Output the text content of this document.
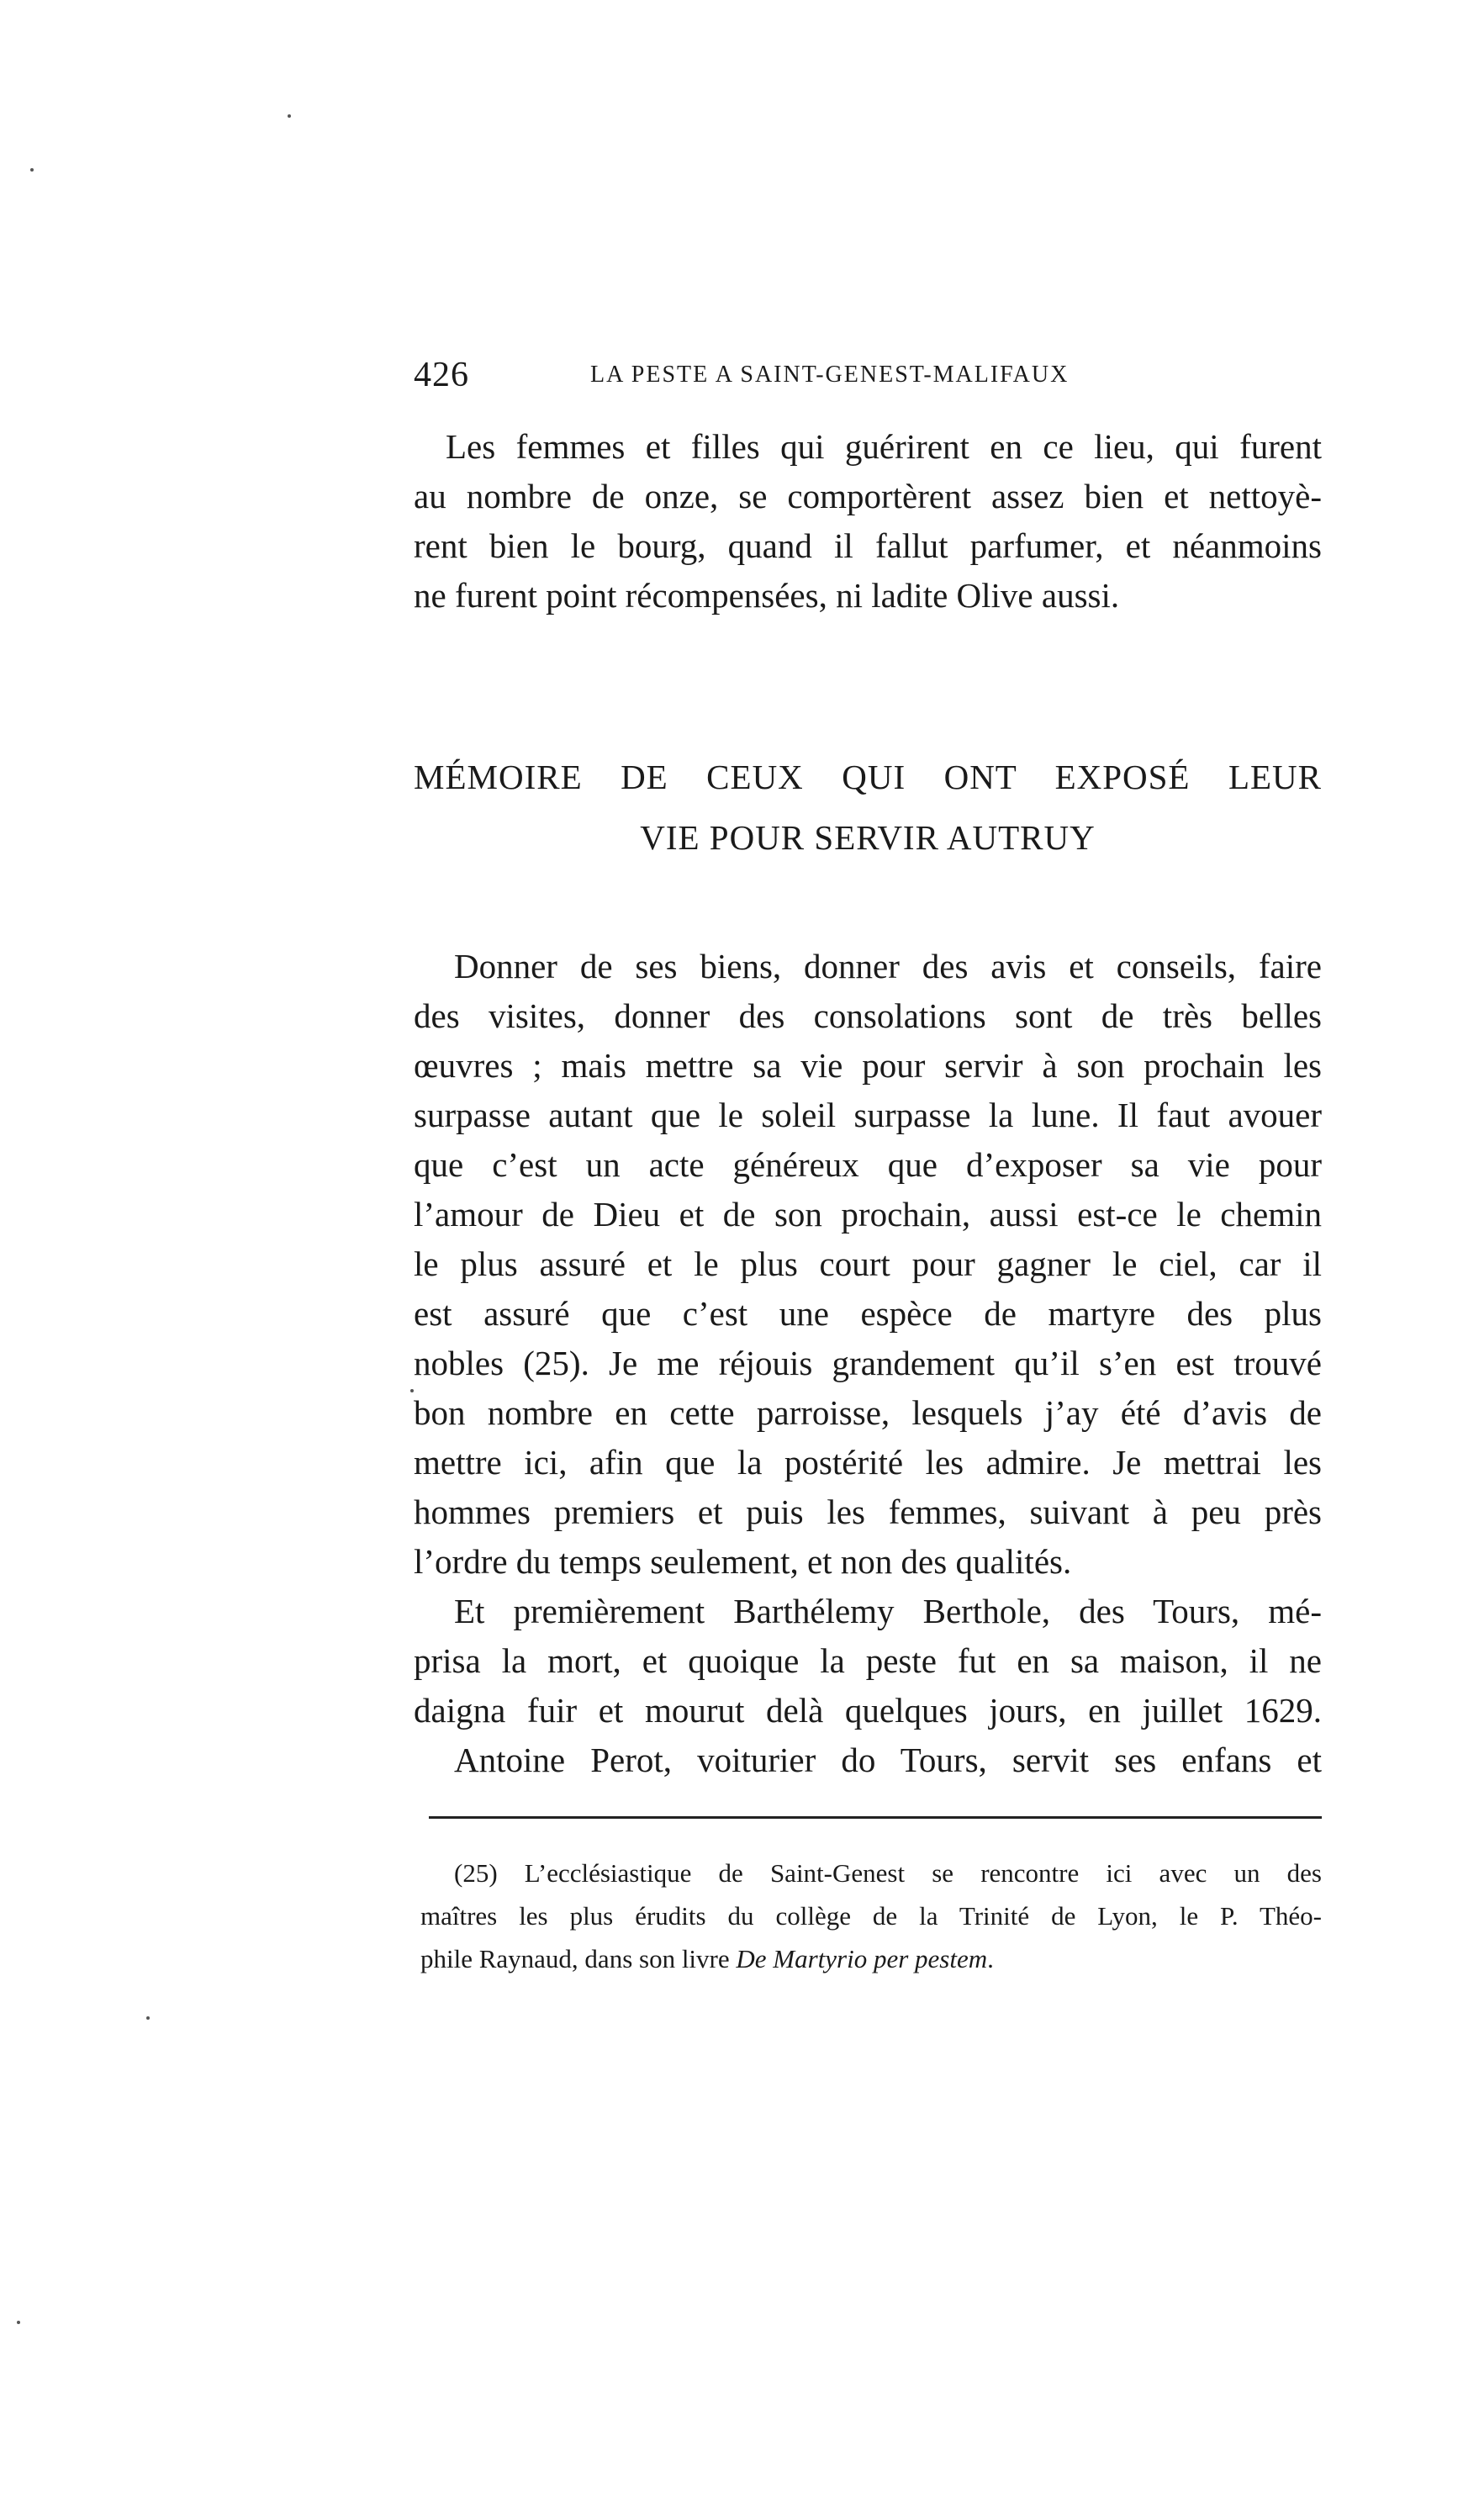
426	LA PESTE A SAINT-GENEST-MALIFAUX
Les femmes et filles qui guérirent en ce lieu, qui furent
au nombre de onze, se comportèrent assez bien et nettoyè-
rent bien le bourg, quand il fallut parfumer, et néanmoins
ne furent point récompensées, ni ladite Olive aussi.
MÉMOIRE DE CEUX QUI ONT EXPOSÉ LEUR
VIE POUR SERVIR AUTRUY
Donner de ses biens, donner des avis et conseils, faire
des visites, donner des consolations sont de très belles
œuvres ; mais mettre sa vie pour servir à son prochain les
surpasse autant que le soleil surpasse la lune. Il faut avouer
que c’est un acte généreux que d’exposer sa vie pour
l’amour de Dieu et de son prochain, aussi est-ce le chemin
le plus assuré et le plus court pour gagner le ciel, car il
est assuré que c’est une espèce de martyre des plus
nobles (25). Je me réjouis grandement qu’il s’en est trouvé
bon nombre en cette parroisse, lesquels j’ay été d’avis de
mettre ici, afin que la postérité les admire. Je mettrai les
hommes premiers et puis les femmes, suivant à peu près
l’ordre du temps seulement, et non des qualités.
Et premièrement Barthélemy Berthole, des Tours, mé-
prisa la mort, et quoique la peste fut en sa maison, il ne
daigna fuir et mourut delà quelques jours, en juillet 1629.
Antoine Perot, voiturier do Tours, servit ses enfans et
(25) L’ecclésiastique de Saint-Genest se rencontre ici avec un des
maîtres les plus érudits du collège de la Trinité de Lyon, le P. Théo-
phile Raynaud, dans son livre De Martyrio per pestem.
